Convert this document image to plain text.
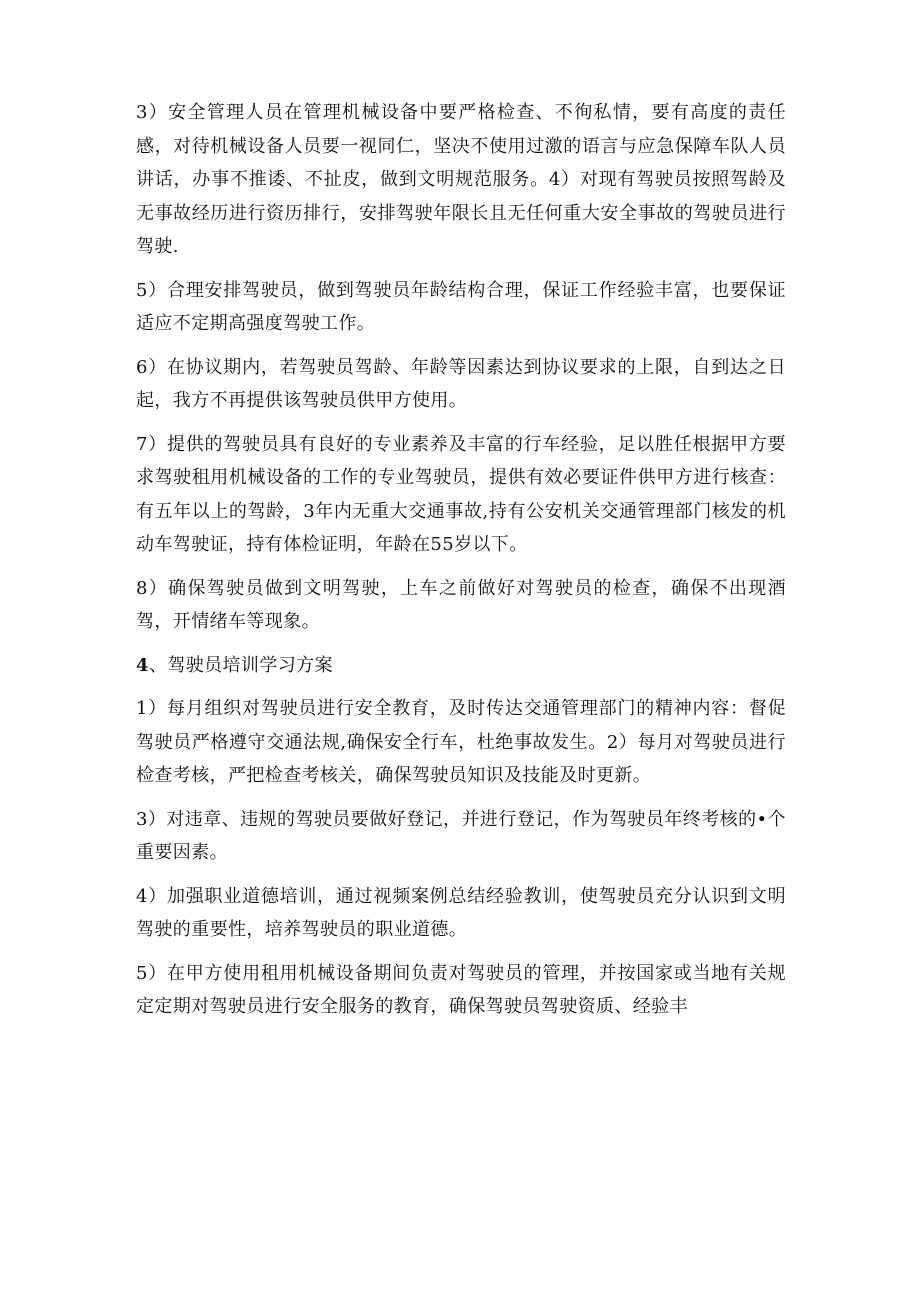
3）安全管理人员在管理机械设备中要严格检查、不徇私情，要有高度的责任感，对待机械设备人员要一视同仁，坚决不使用过激的语言与应急保障车队人员讲话，办事不推诿、不扯皮，做到文明规范服务。4）对现有驾驶员按照驾龄及无事故经历进行资历排行，安排驾驶年限长且无任何重大安全事故的驾驶员进行驾驶.

5）合理安排驾驶员，做到驾驶员年龄结构合理，保证工作经验丰富，也要保证适应不定期高强度驾驶工作。

6）在协议期内，若驾驶员驾龄、年龄等因素达到协议要求的上限，自到达之日起，我方不再提供该驾驶员供甲方使用。

7）提供的驾驶员具有良好的专业素养及丰富的行车经验，足以胜任根据甲方要求驾驶租用机械设备的工作的专业驾驶员，提供有效必要证件供甲方进行核查：有五年以上的驾龄，3年内无重大交通事故,持有公安机关交通管理部门核发的机动车驾驶证，持有体检证明，年龄在55岁以下。

8）确保驾驶员做到文明驾驶，上车之前做好对驾驶员的检查，确保不出现酒驾，开情绪车等现象。

4、驾驶员培训学习方案

1）每月组织对驾驶员进行安全教育，及时传达交通管理部门的精神内容：督促驾驶员严格遵守交通法规,确保安全行车，杜绝事故发生。2）每月对驾驶员进行检查考核，严把检查考核关，确保驾驶员知识及技能及时更新。

3）对违章、违规的驾驶员要做好登记，并进行登记，作为驾驶员年终考核的•个重要因素。

4）加强职业道德培训，通过视频案例总结经验教训，使驾驶员充分认识到文明驾驶的重要性，培养驾驶员的职业道德。

5）在甲方使用租用机械设备期间负责对驾驶员的管理，并按国家或当地有关规定定期对驾驶员进行安全服务的教育，确保驾驶员驾驶资质、经验丰
